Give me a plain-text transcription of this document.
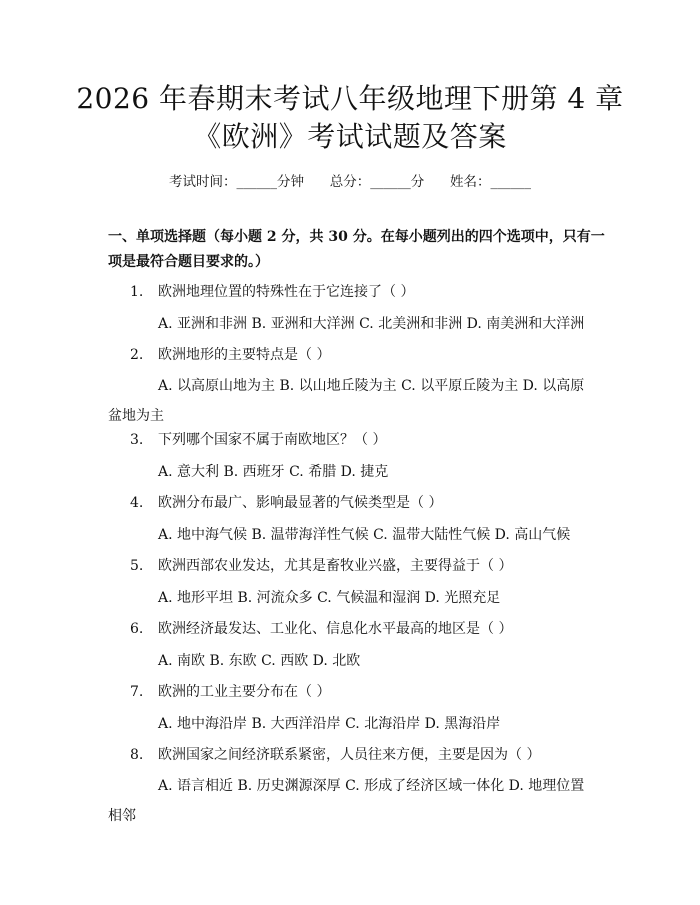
2026 年春期末考试八年级地理下册第 4 章
《欧洲》考试试题及答案
考试时间：______分钟      总分：______分      姓名：______
一、单项选择题（每小题 2 分，共 30 分。在每小题列出的四个选项中，只有一项是最符合题目要求的。）
1. 欧洲地理位置的特殊性在于它连接了（ ）
A. 亚洲和非洲 B. 亚洲和大洋洲 C. 北美洲和非洲 D. 南美洲和大洋洲
2. 欧洲地形的主要特点是（ ）
A. 以高原山地为主 B. 以山地丘陵为主 C. 以平原丘陵为主 D. 以高原盆地为主
3. 下列哪个国家不属于南欧地区？（ ）
A. 意大利 B. 西班牙 C. 希腊 D. 捷克
4. 欧洲分布最广、影响最显著的气候类型是（ ）
A. 地中海气候 B. 温带海洋性气候 C. 温带大陆性气候 D. 高山气候
5. 欧洲西部农业发达，尤其是畜牧业兴盛，主要得益于（ ）
A. 地形平坦 B. 河流众多 C. 气候温和湿润 D. 光照充足
6. 欧洲经济最发达、工业化、信息化水平最高的地区是（ ）
A. 南欧 B. 东欧 C. 西欧 D. 北欧
7. 欧洲的工业主要分布在（ ）
A. 地中海沿岸 B. 大西洋沿岸 C. 北海沿岸 D. 黑海沿岸
8. 欧洲国家之间经济联系紧密，人员往来方便，主要是因为（ ）
A. 语言相近 B. 历史渊源深厚 C. 形成了经济区域一体化 D. 地理位置相邻
